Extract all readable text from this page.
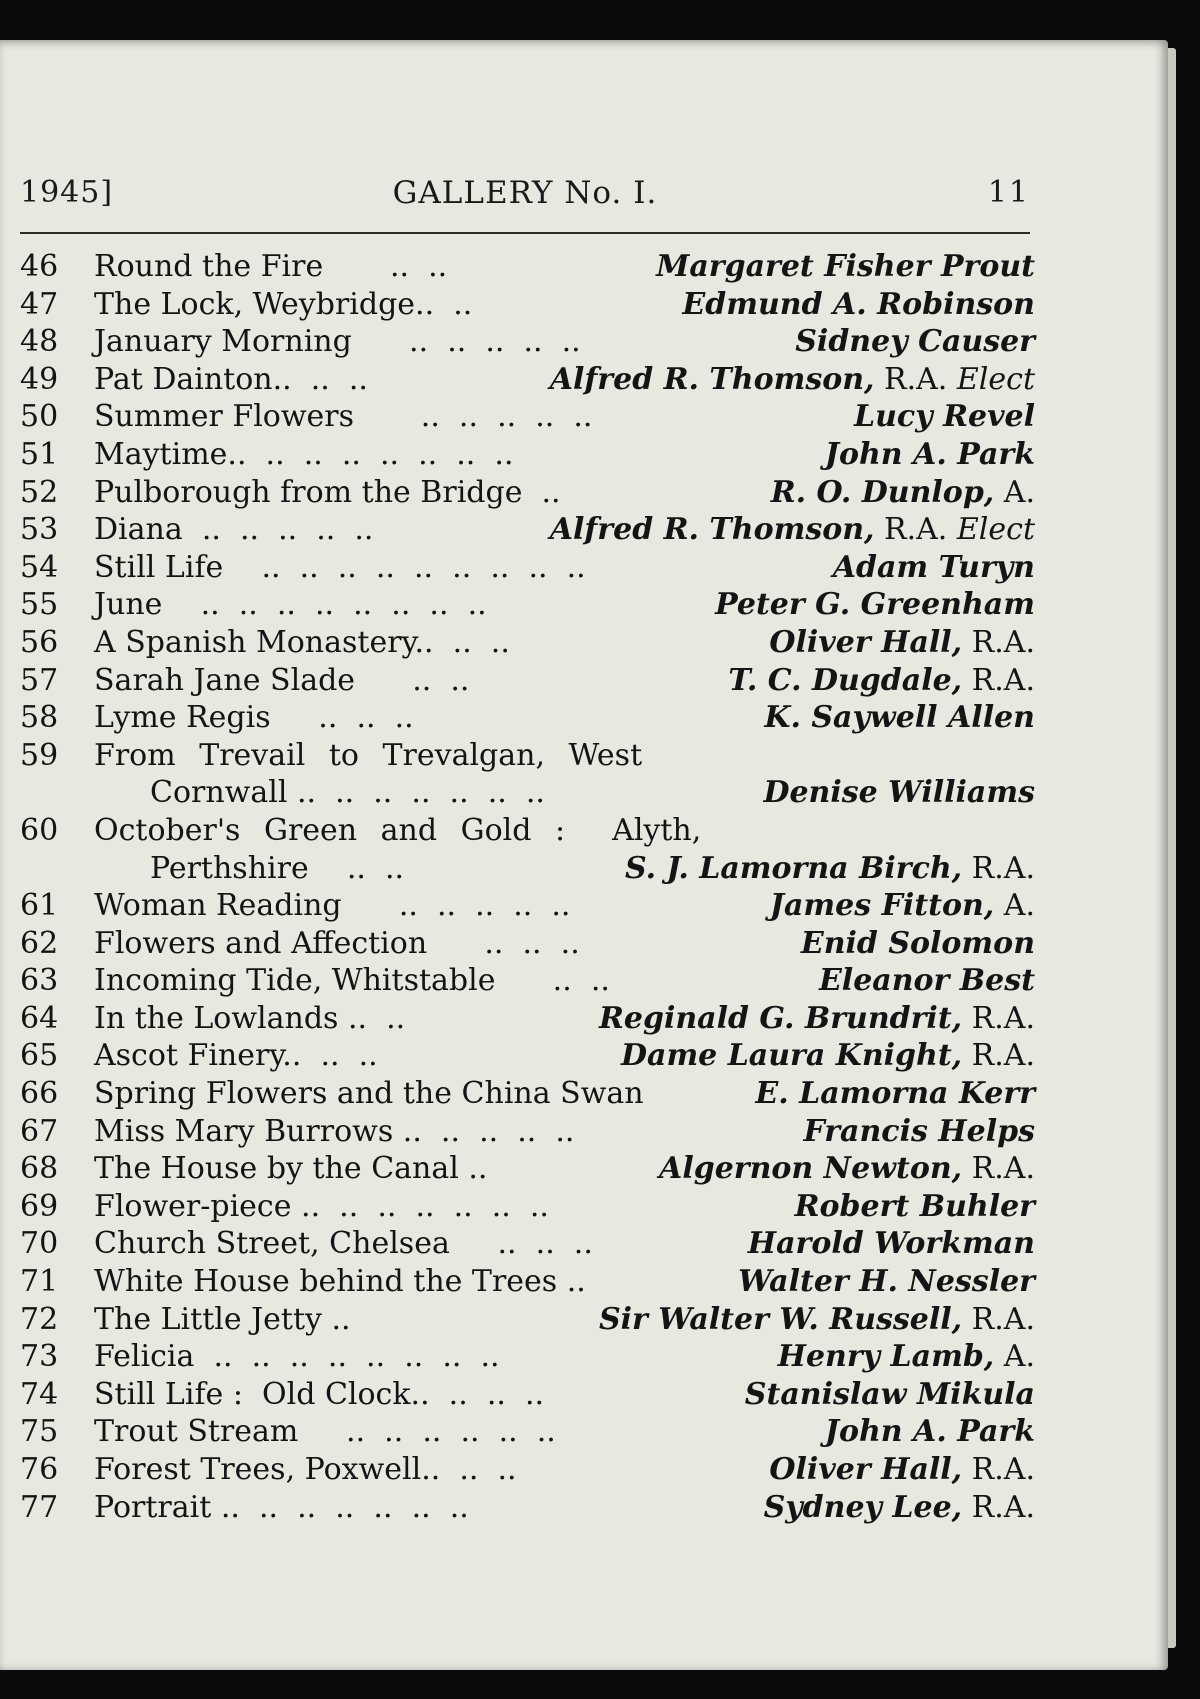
1945]	GALLERY No. I.	11
46	Round the Fire       ..  ..	Margaret Fisher Prout
47	The Lock, Weybridge..  ..	Edmund A. Robinson
48	January Morning      ..  ..  ..  ..  ..	Sidney Causer
49	Pat Dainton..  ..  ..	Alfred R. Thomson, R.A. Elect
50	Summer Flowers       ..  ..  ..  ..  ..	Lucy Revel
51	Maytime..  ..  ..  ..  ..  ..  ..  ..	John A. Park
52	Pulborough from the Bridge  ..	R. O. Dunlop, A.
53	Diana  ..  ..  ..  ..  ..	Alfred R. Thomson, R.A. Elect
54	Still Life    ..  ..  ..  ..  ..  ..  ..  ..  ..	Adam Turyn
55	June    ..  ..  ..  ..  ..  ..  ..  ..	Peter G. Greenham
56	A Spanish Monastery..  ..  ..	Oliver Hall, R.A.
57	Sarah Jane Slade      ..  ..	T. C. Dugdale, R.A.
58	Lyme Regis     ..  ..  ..	K. Saywell Allen
59	From Trevail to Trevalgan, West
Cornwall ..  ..  ..  ..  ..  ..  ..	Denise Williams
60	October's Green and Gold :  Alyth,
Perthshire    ..  ..	S. J. Lamorna Birch, R.A.
61	Woman Reading      ..  ..  ..  ..  ..	James Fitton, A.
62	Flowers and Affection      ..  ..  ..	Enid Solomon
63	Incoming Tide, Whitstable      ..  ..	Eleanor Best
64	In the Lowlands ..  ..	Reginald G. Brundrit, R.A.
65	Ascot Finery..  ..  ..	Dame Laura Knight, R.A.
66	Spring Flowers and the China Swan	E. Lamorna Kerr
67	Miss Mary Burrows ..  ..  ..  ..  ..	Francis Helps
68	The House by the Canal ..	Algernon Newton, R.A.
69	Flower-piece ..  ..  ..  ..  ..  ..  ..	Robert Buhler
70	Church Street, Chelsea     ..  ..  ..	Harold Workman
71	White House behind the Trees ..	Walter H. Nessler
72	The Little Jetty ..	Sir Walter W. Russell, R.A.
73	Felicia  ..  ..  ..  ..  ..  ..  ..  ..	Henry Lamb, A.
74	Still Life :  Old Clock..  ..  ..  ..	Stanislaw Mikula
75	Trout Stream     ..  ..  ..  ..  ..  ..	John A. Park
76	Forest Trees, Poxwell..  ..  ..	Oliver Hall, R.A.
77	Portrait ..  ..  ..  ..  ..  ..  ..	Sydney Lee, R.A.
